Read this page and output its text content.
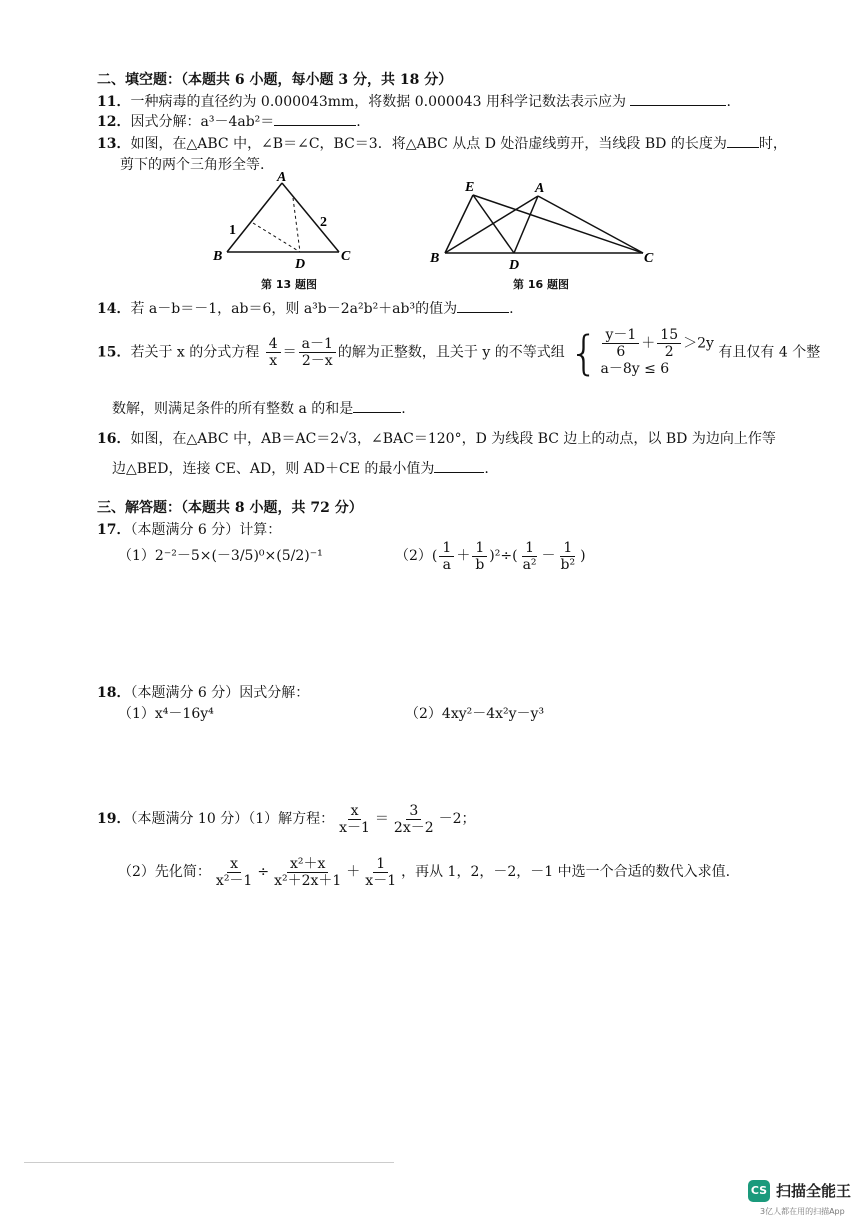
二、填空题：（本题共 6 小题，每小题 3 分，共 18 分）
11．一种病毒的直径约为 0.000043mm，将数据 0.000043 用科学记数法表示应为	.
12．因式分解：a³－4ab²＝	.
13．如图，在△ABC 中，∠B＝∠C，BC＝3．将△ABC 从点 D 处沿虚线剪开，当线段 BD 的长度为 时，
剪下的两个三角形全等.
A
B	C
D
1
2
第 13 题图
E	A
B	C
D
第 16 题图
14．若 a－b＝－1，ab＝6，则 a³b－2a²b²＋ab³的值为	.
15．若关于 x 的分式方程 $\frac{4}{x} = \frac{a-1}{2-x}$ 的解为正整数，且关于 y 的不等式组 { $\frac{y-1}{6} + \frac{15}{2} >2y$
a－8y ≤ 6
有且仅有 4 个整
数解，则满足条件的所有整数 a 的和是	.
16．如图，在△ABC 中，AB＝AC＝2√3，∠BAC＝120°，D 为线段 BC 边上的动点，以 BD 为边向上作等
边△BED，连接 CE、AD，则 AD＋CE 的最小值为	.
三、解答题：（本题共 8 小题，共 72 分）
17．（本题满分 6 分）计算：
（1）2⁻²－5×(－3/5)⁰×(5/2)⁻¹	$(2)( \frac{1}{a} + \frac{1}{b} )^2\div( \frac{1}{\text{a²}} - \frac{1}{\text{b²}}$ )
18．（本题满分 6 分）因式分解：
（1）x⁴－16y⁴	（2）4xy²－4x²y－y³
19．（本题满分 10 分）（1）解方程： $\frac{x}{x-1} = \frac{3}{2x-2} -2$；
（2）先化简： $\frac{x}{\text{x²－1}} \div \frac{\text{x²＋x}}{\text{x²＋2x＋1}} + \frac{1}{x-1}$ ，再从 1，2，－2，－1 中选一个合适的数代入求值.
CS 扫描全能王
3亿人都在用的扫描App
